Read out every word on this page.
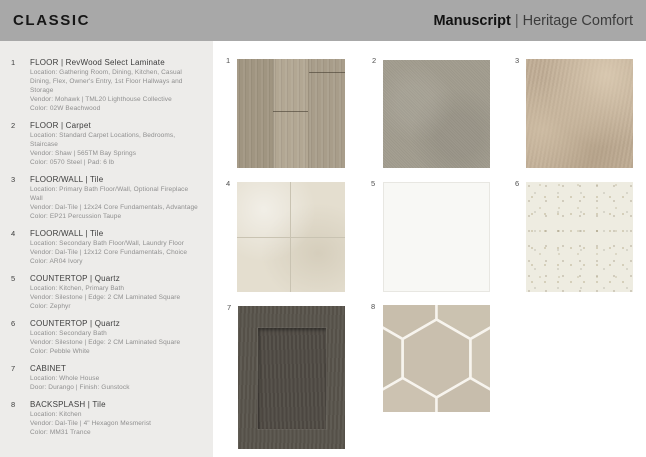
CLASSIC	Manuscript | Heritage Comfort
1	FLOOR | RevWood Select Laminate
Location: Gathering Room, Dining, Kitchen, Casual Dining, Flex, Owner's Entry, 1st Floor Hallways and Storage
Vendor: Mohawk | TML20 Lighthouse Collective
Color: 02W Beachwood
2	FLOOR | Carpet
Location: Standard Carpet Locations, Bedrooms, Staircase
Vendor: Shaw | 565TM Bay Springs
Color: 0570 Steel | Pad: 6 lb
3	FLOOR/WALL | Tile
Location: Primary Bath Floor/Wall, Optional Fireplace Wall
Vendor: Dal-Tile | 12x24 Core Fundamentals, Advantage
Color: EP21 Percussion Taupe
4	FLOOR/WALL | Tile
Location: Secondary Bath Floor/Wall, Laundry Floor
Vendor: Dal-Tile | 12x12 Core Fundamentals, Choice
Color: AR04 Ivory
5	COUNTERTOP | Quartz
Location: Kitchen, Primary Bath
Vendor: Silestone | Edge: 2 CM Laminated Square
Color: Zephyr
6	COUNTERTOP | Quartz
Location: Secondary Bath
Vendor: Silestone | Edge: 2 CM Laminated Square
Color: Pebble White
7	CABINET
Location: Whole House
Door: Durango | Finish: Gunstock
8	BACKSPLASH | Tile
Location: Kitchen
Vendor: Dal-Tile | 4" Hexagon Mesmerist
Color: MM31 Trance
1	2	3
4	5	6
7	8
